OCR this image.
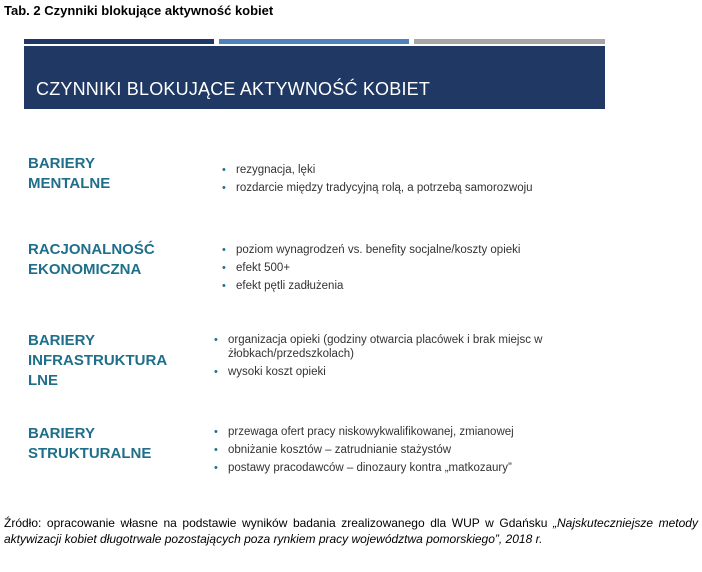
Tab. 2 Czynniki blokujące aktywność kobiet
CZYNNIKI BLOKUJĄCE AKTYWNOŚĆ KOBIET
BARIERY
MENTALNE
• rezygnacja, lęki
• rozdarcie między tradycyjną rolą, a potrzebą samorozwoju
RACJONALNOŚĆ
EKONOMICZNA
• poziom wynagrodzeń vs. benefity socjalne/koszty opieki
• efekt 500+
• efekt pętli zadłużenia
BARIERY
INFRASTRUKTURA
LNE
• organizacja opieki (godziny otwarcia placówek i brak miejsc w żłobkach/przedszkolach)
• wysoki koszt opieki
BARIERY
STRUKTURALNE
• przewaga ofert pracy niskowykwalifikowanej, zmianowej
• obniżanie kosztów – zatrudnianie stażystów
• postawy pracodawców – dinozaury kontra „matkozaury”
Źródło: opracowanie własne na podstawie wyników badania zrealizowanego dla WUP w Gdańsku „Najskuteczniejsze metody aktywizacji kobiet długotrwale pozostających poza rynkiem pracy województwa pomorskiego”, 2018 r.
